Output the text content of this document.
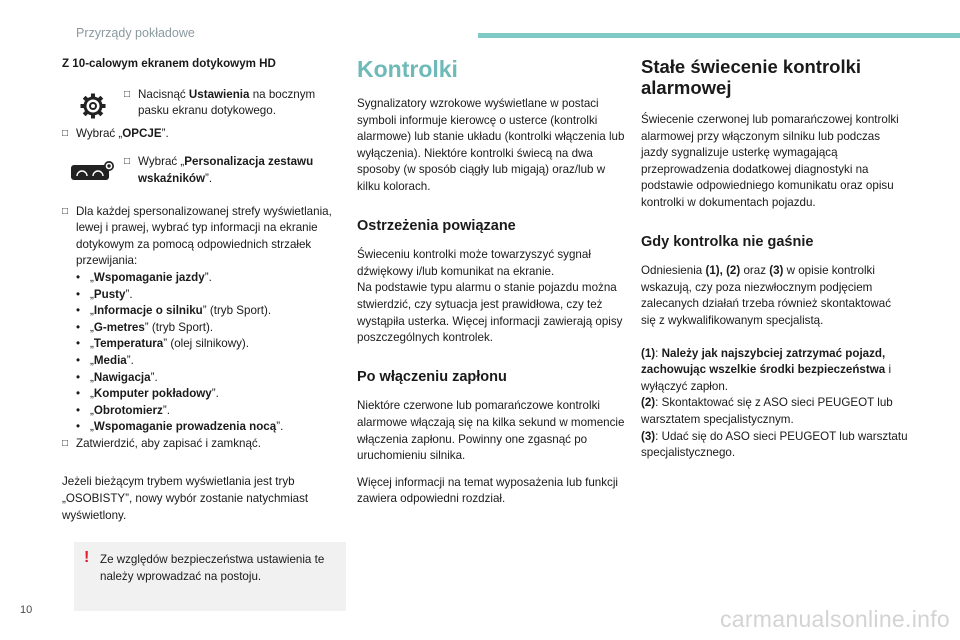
Przyrządy pokładowe
10	carmanualsonline.info
Z 10-calowym ekranem dotykowym HD
□ Nacisnąć Ustawienia na bocznym pasku ekranu dotykowego.
□ Wybrać „OPCJE”.
□ Wybrać „Personalizacja zestawu wskaźników”.
□ Dla każdej spersonalizowanej strefy wyświetlania, lewej i prawej, wybrać typ informacji na ekranie dotykowym za pomocą odpowiednich strzałek przewijania:
• „Wspomaganie jazdy”.
• „Pusty”.
• „Informacje o silniku” (tryb Sport).
• „G-metres” (tryb Sport).
• „Temperatura” (olej silnikowy).
• „Media”.
• „Nawigacja”.
• „Komputer pokładowy”.
• „Obrotomierz”.
• „Wspomaganie prowadzenia nocą”.
□ Zatwierdzić, aby zapisać i zamknąć.

Jeżeli bieżącym trybem wyświetlania jest tryb „OSOBISTY”, nowy wybór zostanie natychmiast wyświetlony.

! Ze względów bezpieczeństwa ustawienia te należy wprowadzać na postoju.
Kontrolki

Sygnalizatory wzrokowe wyświetlane w postaci symboli informuje kierowcę o usterce (kontrolki alarmowe) lub stanie układu (kontrolki włączenia lub wyłączenia). Niektóre kontrolki świecą na dwa sposoby (w sposób ciągły lub migają) oraz/lub w kilku kolorach.

Ostrzeżenia powiązane

Świeceniu kontrolki może towarzyszyć sygnał dźwiękowy i/lub komunikat na ekranie.

Na podstawie typu alarmu o stanie pojazdu można stwierdzić, czy sytuacja jest prawidłowa, czy też wystąpiła usterka. Więcej informacji zawierają opisy poszczególnych kontrolek.

Po włączeniu zapłonu

Niektóre czerwone lub pomarańczowe kontrolki alarmowe włączają się na kilka sekund w momencie włączenia zapłonu. Powinny one zgasnąć po uruchomieniu silnika.

Więcej informacji na temat wyposażenia lub funkcji zawiera odpowiedni rozdział.

Stałe świecenie kontrolki alarmowej

Świecenie czerwonej lub pomarańczowej kontrolki alarmowej przy włączonym silniku lub podczas jazdy sygnalizuje usterkę wymagającą przeprowadzenia dodatkowej diagnostyki na podstawie odpowiedniego komunikatu oraz opisu kontrolki w dokumentach pojazdu.

Gdy kontrolka nie gaśnie

Odniesienia (1), (2) oraz (3) w opisie kontrolki wskazują, czy poza niezwłocznym podjęciem zalecanych działań trzeba również skontaktować się z wykwalifikowanym specjalistą.

(1): Należy jak najszybciej zatrzymać pojazd, zachowując wszelkie środki bezpieczeństwa i wyłączyć zapłon.
(2): Skontaktować się z ASO sieci PEUGEOT lub warsztatem specjalistycznym.
(3): Udać się do ASO sieci PEUGEOT lub warsztatu specjalistycznego.
